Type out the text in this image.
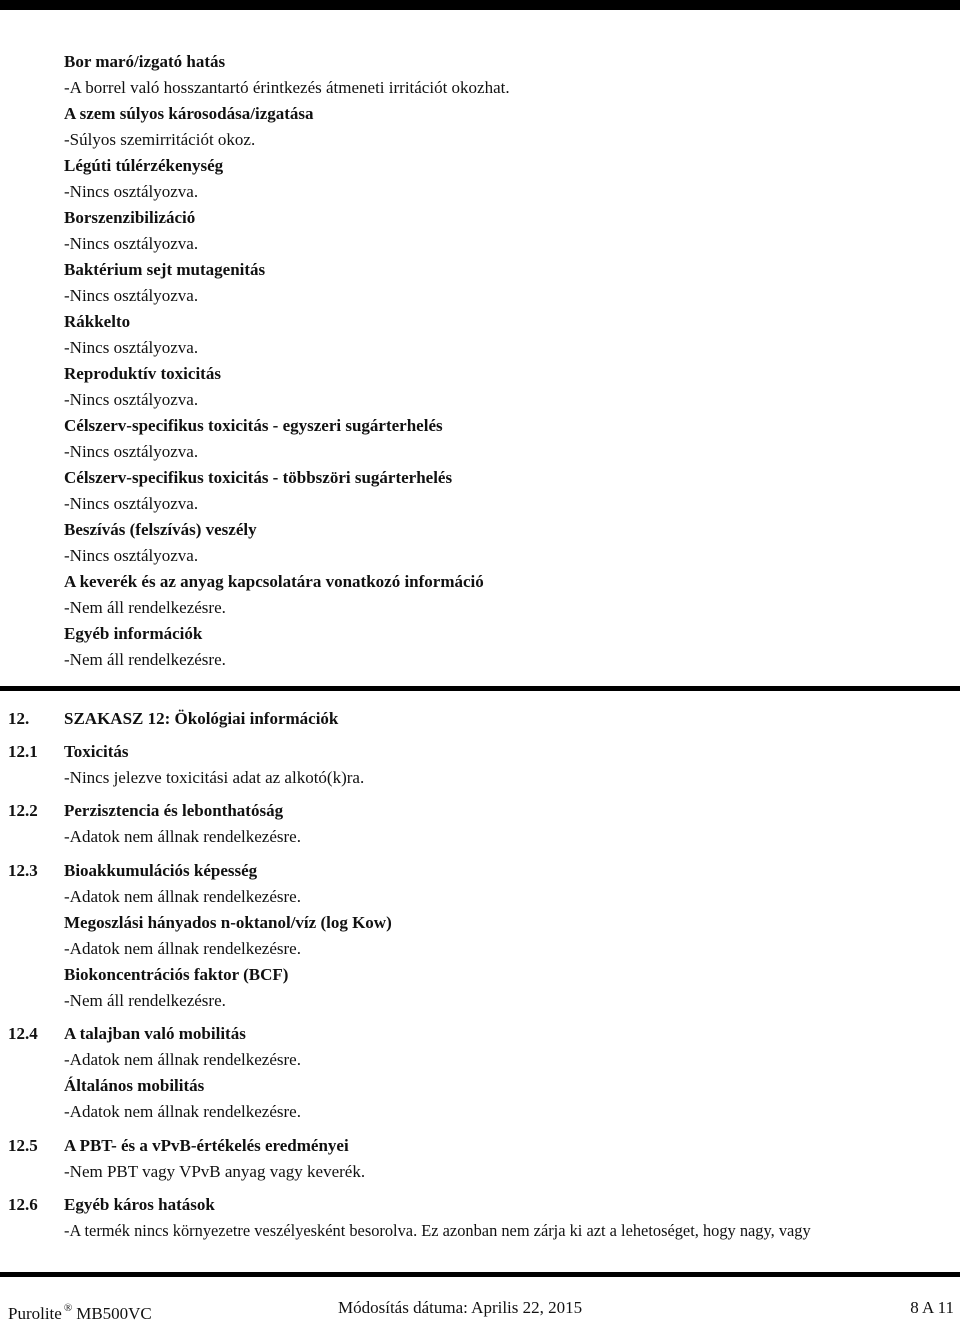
Bor maró/izgató hatás
-A borrel való hosszantartó érintkezés átmeneti irritációt okozhat.
A szem súlyos károsodása/izgatása
-Súlyos szemirritációt okoz.
Légúti túlérzékenység
-Nincs osztályozva.
Borszenzibilizáció
-Nincs osztályozva.
Baktérium sejt mutagenitás
-Nincs osztályozva.
Rákkelto
-Nincs osztályozva.
Reproduktív toxicitás
-Nincs osztályozva.
Célszerv-specifikus toxicitás - egyszeri sugárterhelés
-Nincs osztályozva.
Célszerv-specifikus toxicitás - többszöri sugárterhelés
-Nincs osztályozva.
Beszívás (felszívás) veszély
-Nincs osztályozva.
A keverék és az anyag kapcsolatára vonatkozó információ
-Nem áll rendelkezésre.
Egyéb információk
-Nem áll rendelkezésre.
12. SZAKASZ 12: Ökológiai információk
12.1 Toxicitás
-Nincs jelezve toxicitási adat az alkotó(k)ra.
12.2 Perzisztencia és lebonthatóság
-Adatok nem állnak rendelkezésre.
12.3 Bioakkumulációs képesség
-Adatok nem állnak rendelkezésre.
Megoszlási hányados n-oktanol/víz (log Kow)
-Adatok nem állnak rendelkezésre.
Biokoncentrációs faktor (BCF)
-Nem áll rendelkezésre.
12.4 A talajban való mobilitás
-Adatok nem állnak rendelkezésre.
Általános mobilitás
-Adatok nem állnak rendelkezésre.
12.5 A PBT- és a vPvB-értékelés eredményei
-Nem PBT vagy VPvB anyag vagy keverék.
12.6 Egyéb káros hatások
-A termék nincs környezetre veszélyesként besorolva. Ez azonban nem zárja ki azt a lehetoséget, hogy nagy, vagy
Purolite ® MB500VC	Módosítás dátuma: Aprilis 22, 2015	8 A 11
